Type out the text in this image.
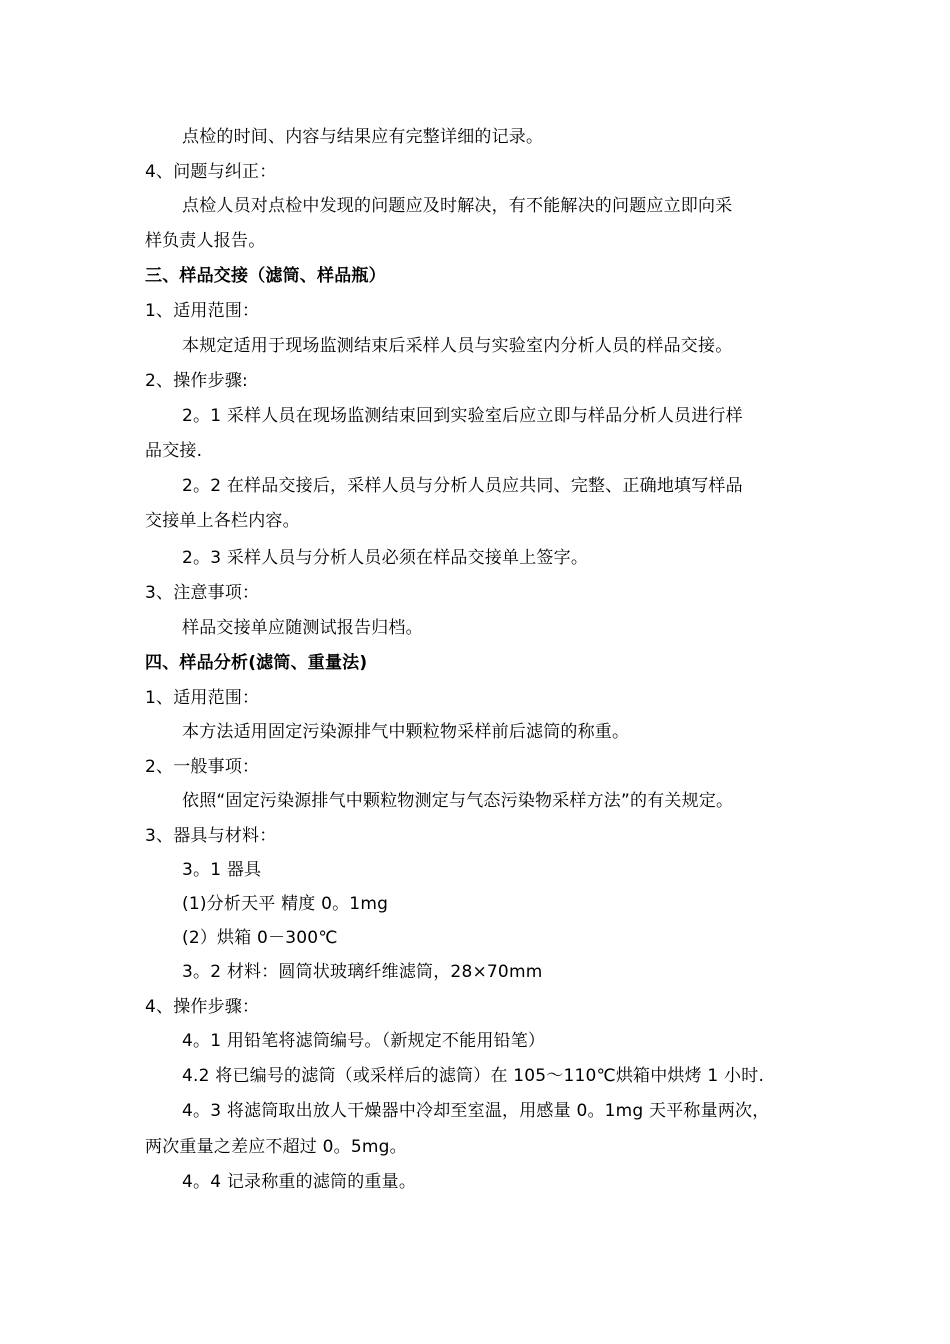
点检的时间、内容与结果应有完整详细的记录。
4、问题与纠正：
点检人员对点检中发现的问题应及时解决，有不能解决的问题应立即向采
样负责人报告。
三、样品交接（滤筒、样品瓶）
1、适用范围：
本规定适用于现场监测结束后采样人员与实验室内分析人员的样品交接。
2、操作步骤:
2。1 采样人员在现场监测结束回到实验室后应立即与样品分析人员进行样
品交接.
2。2 在样品交接后，采样人员与分析人员应共同、完整、正确地填写样品
交接单上各栏内容。
2。3 采样人员与分析人员必须在样品交接单上签字。
3、注意事项：
样品交接单应随测试报告归档。
四、样品分析(滤筒、重量法)
1、适用范围：
本方法适用固定污染源排气中颗粒物采样前后滤筒的称重。
2、一般事项：
依照“固定污染源排气中颗粒物测定与气态污染物采样方法”的有关规定。
3、器具与材料：
3。1 器具
(1)分析天平 精度 0。1mg
(2）烘箱 0－300℃
3。2 材料：圆筒状玻璃纤维滤筒，28×70mm
4、操作步骤：
4。1 用铅笔将滤筒编号。（新规定不能用铅笔）
4.2 将已编号的滤筒（或采样后的滤筒）在 105～110℃烘箱中烘烤 1 小时.
4。3 将滤筒取出放人干燥器中冷却至室温，用感量 0。1mg 天平称量两次，
两次重量之差应不超过 0。5mg。
4。4 记录称重的滤筒的重量。
